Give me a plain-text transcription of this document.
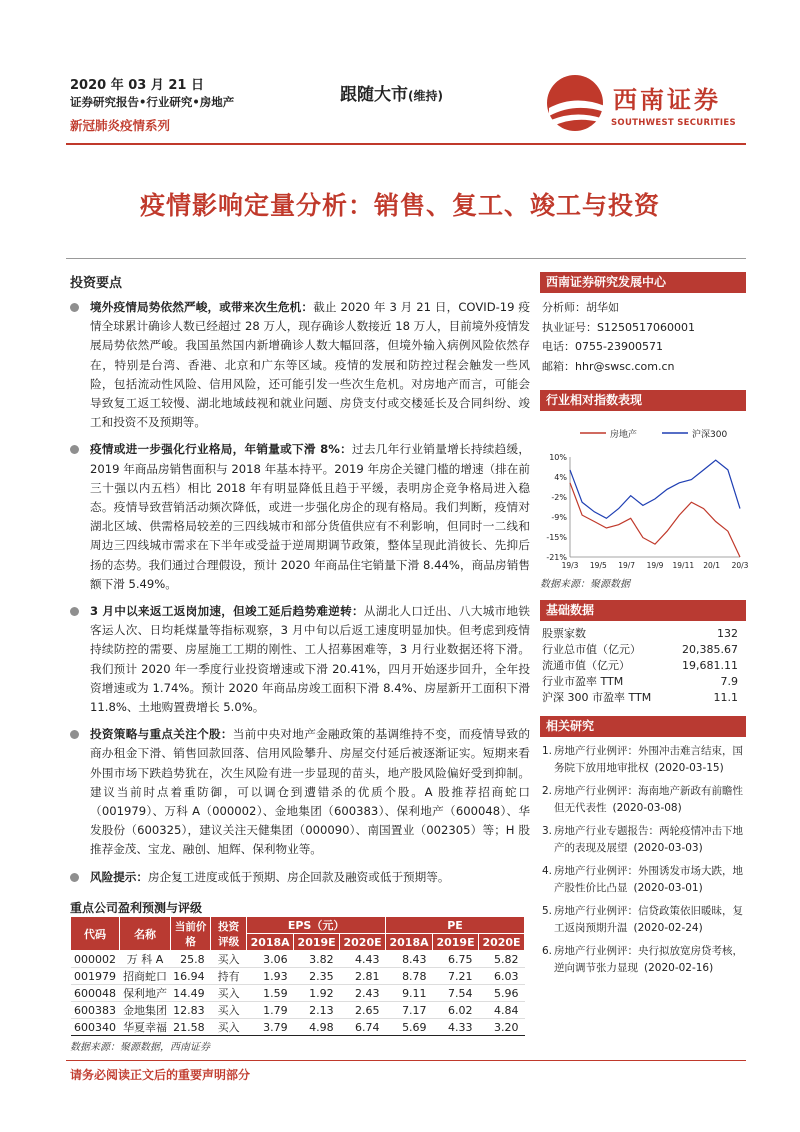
2020 年 03 月 21 日
证券研究报告•行业研究•房地产
新冠肺炎疫情系列
跟随大市(维持)	西南证券
SOUTHWEST SECURITIES
疫情影响定量分析：销售、复工、竣工与投资
投资要点
境外疫情局势依然严峻，或带来次生危机：截止 2020 年 3 月 21 日，COVID-19 疫情全球累计确诊人数已经超过 28 万人，现存确诊人数接近 18 万人，目前境外疫情发展局势依然严峻。我国虽然国内新增确诊人数大幅回落，但境外输入病例风险依然存在，特别是台湾、香港、北京和广东等区域。疫情的发展和防控过程会触发一些风险，包括流动性风险、信用风险，还可能引发一些次生危机。对房地产而言，可能会导致复工返工较慢、湖北地域歧视和就业问题、房贷支付或交楼延长及合同纠纷、竣工和投资不及预期等。
疫情或进一步强化行业格局，年销量或下滑 8%：过去几年行业销量增长持续趋缓，2019 年商品房销售面积与 2018 年基本持平。2019 年房企关键门槛的增速（排在前三十强以内五档）相比 2018 年有明显降低且趋于平缓，表明房企竞争格局进入稳态。疫情导致营销活动频次降低，或进一步强化房企的现有格局。我们判断，疫情对湖北区域、供需格局较差的三四线城市和部分货值供应有不利影响，但同时一二线和周边三四线城市需求在下半年或受益于逆周期调节政策，整体呈现此消彼长、先抑后扬的态势。我们通过合理假设，预计 2020 年商品住宅销量下滑 8.44%，商品房销售额下滑 5.49%。
3 月中以来返工返岗加速，但竣工延后趋势难逆转：从湖北人口迁出、八大城市地铁客运人次、日均耗煤量等指标观察，3 月中旬以后返工速度明显加快。但考虑到疫情持续防控的需要、房屋施工工期的刚性、工人招募困难等，3 月行业数据还将下滑。我们预计 2020 年一季度行业投资增速或下滑 20.41%，四月开始逐步回升，全年投资增速或为 1.74%。预计 2020 年商品房竣工面积下滑 8.4%、房屋新开工面积下滑 11.8%、土地购置费增长 5.0%。
投资策略与重点关注个股：当前中央对地产金融政策的基调维持不变，而疫情导致的商办租金下滑、销售回款回落、信用风险攀升、房屋交付延后被逐渐证实。短期来看外围市场下跌趋势犹在，次生风险有进一步显现的苗头，地产股风险偏好受到抑制。建议当前时点着重防御，可以调仓到遭错杀的优质个股。A 股推荐招商蛇口（001979）、万科 A（000002）、金地集团（600383）、保利地产（600048）、华发股份（600325），建议关注天健集团（000090）、南国置业（002305）等；H 股推荐金茂、宝龙、融创、旭辉、保利物业等。
风险提示：房企复工进度或低于预期、房企回款及融资或低于预期等。
重点公司盈利预测与评级
代码	名称	当前价格	投资评级	EPS（元）			PE		
				2018A	2019E	2020E	2018A	2019E	2020E
000002	万 科 A	25.8	买入	3.06	3.82	4.43	8.43	6.75	5.82
001979	招商蛇口	16.94	持有	1.93	2.35	2.81	8.78	7.21	6.03
600048	保利地产	14.49	买入	1.59	1.92	2.43	9.11	7.54	5.96
600383	金地集团	12.83	买入	1.79	2.13	2.65	7.17	6.02	4.84
600340	华夏幸福	21.58	买入	3.79	4.98	6.74	5.69	4.33	3.20
数据来源：聚源数据，西南证券
请务必阅读正文后的重要声明部分
西南证券研究发展中心
分析师：胡华如
执业证号：S1250517060001
电话：0755-23900571
邮箱：hhr@swsc.com.cn
行业相对指数表现
房地产	沪深300
10%
4%
-2%
-9%
-15%
-21%
19/3 19/5 19/7 19/9 19/11 20/1 20/3
数据来源：聚源数据
基础数据
股票家数	132
行业总市值（亿元）	20,385.67
流通市值（亿元）	19,681.11
行业市盈率 TTM	7.9
沪深 300 市盈率 TTM	11.1
相关研究
1. 房地产行业例评：外围冲击难言结束，国务院下放用地审批权 (2020-03-15)
2. 房地产行业例评：海南地产新政有前瞻性但无代表性 (2020-03-08)
3. 房地产行业专题报告：两轮疫情冲击下地产的表现及展望 (2020-03-03)
4. 房地产行业例评：外围诱发市场大跌，地产股性价比凸显 (2020-03-01)
5. 房地产行业例评：信贷政策依旧暖昧，复工返岗预期升温 (2020-02-24)
6. 房地产行业例评：央行拟放宽房贷考核，逆向调节张力显现 (2020-02-16)
